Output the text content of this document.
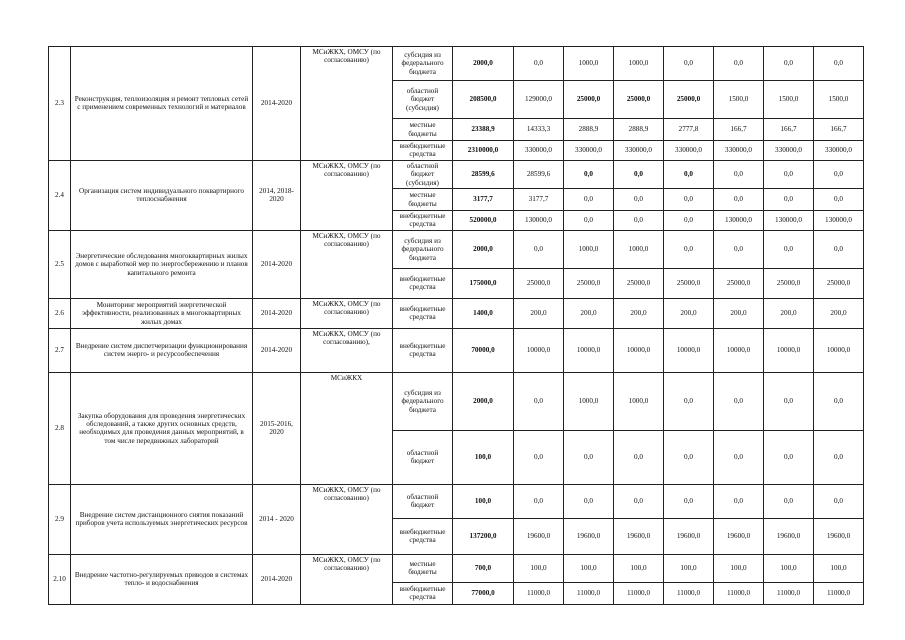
2.3	Реконструкция, теплоизоляция и ремонт тепловых сетей с применением современных технологий и материалов	2014-2020	МСиЖКХ, ОМСУ (по согласованию)	субсидия из федерального бюджета	2000,0	0,0	1000,0	1000,0	0,0	0,0	0,0	0,0
				областной бюджет (субсидия)	208500,0	129000,0	25000,0	25000,0	25000,0	1500,0	1500,0	1500,0
				местные бюджеты	23388,9	14333,3	2888,9	2888,9	2777,8	166,7	166,7	166,7
				внебюджетные средства	2310000,0	330000,0	330000,0	330000,0	330000,0	330000,0	330000,0	330000,0
2.4	Организация систем индивидуального поквартирного теплоснабжения	2014, 2018-2020	МСиЖКХ, ОМСУ (по согласованию)	областной бюджет (субсидия)	28599,6	28599,6	0,0	0,0	0,0	0,0	0,0	0,0
				местные бюджеты	3177,7	3177,7	0,0	0,0	0,0	0,0	0,0	0,0
				внебюджетные средства	520000,0	130000,0	0,0	0,0	0,0	130000,0	130000,0	130000,0
2.5	Энергетические обследования многоквартирных жилых домов с выработкой мер по энергосбережению и планов капитального ремонта	2014-2020	МСиЖКХ, ОМСУ (по согласованию)	субсидия из федерального бюджета	2000,0	0,0	1000,0	1000,0	0,0	0,0	0,0	0,0
				внебюджетные средства	175000,0	25000,0	25000,0	25000,0	25000,0	25000,0	25000,0	25000,0
2.6	Мониторинг мероприятий энергетической эффективности, реализованных в многоквартирных жилых домах	2014-2020	МСиЖКХ, ОМСУ (по согласованию)	внебюджетные средства	1400,0	200,0	200,0	200,0	200,0	200,0	200,0	200,0
2.7	Внедрение систем диспетчеризации функционирования систем энерго- и ресурсообеспечения	2014-2020	МСиЖКХ, ОМСУ (по согласованию),	внебюджетные средства	70000,0	10000,0	10000,0	10000,0	10000,0	10000,0	10000,0	10000,0
2.8	Закупка оборудования для проведения энергетических обследований, а также других основных средств, необходимых для проведения данных мероприятий, в том числе передвижных лабораторий	2015-2016, 2020	МСиЖКХ	субсидия из федерального бюджета	2000,0	0,0	1000,0	1000,0	0,0	0,0	0,0	0,0
				областной бюджет	100,0	0,0	0,0	0,0	0,0	0,0	0,0	0,0
2.9	Внедрение систем дистанционного снятия показаний приборов учета используемых энергетических ресурсов	2014 - 2020	МСиЖКХ, ОМСУ (по согласованию)	областной бюджет	100,0	0,0	0,0	0,0	0,0	0,0	0,0	0,0
				внебюджетные средства	137200,0	19600,0	19600,0	19600,0	19600,0	19600,0	19600,0	19600,0
2.10	Внедрение частотно-регулируемых приводов в системах тепло- и водоснабжения	2014-2020	МСиЖКХ, ОМСУ (по согласованию)	местные бюджеты	700,0	100,0	100,0	100,0	100,0	100,0	100,0	100,0
				внебюджетные средства	77000,0	11000,0	11000,0	11000,0	11000,0	11000,0	11000,0	11000,0
